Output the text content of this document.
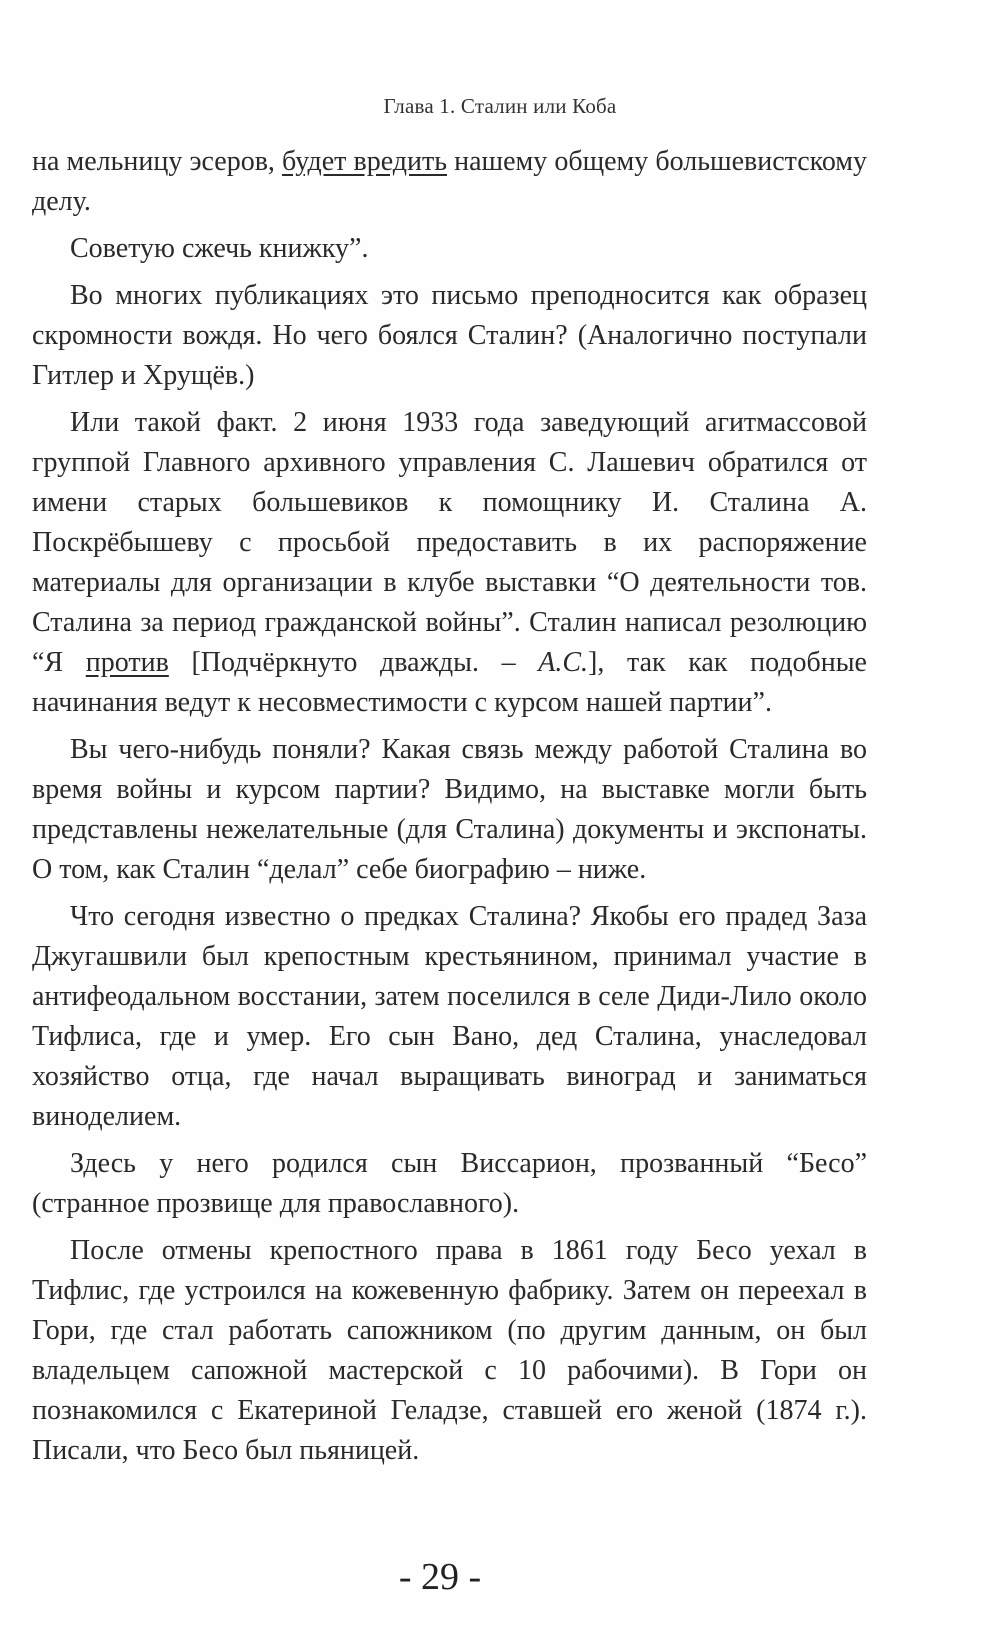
Глава 1. Сталин или Коба

на мельницу эсеров, будет вредить нашему общему большевистскому делу.

Советую сжечь книжку”.

Во многих публикациях это письмо преподносится как образец скромности вождя. Но чего боялся Сталин? (Аналогично поступали Гитлер и Хрущёв.)

Или такой факт. 2 июня 1933 года заведующий агитмассовой группой Главного архивного управления С. Лашевич обратился от имени старых большевиков к помощнику И. Сталина А. Поскрёбышеву с просьбой предоставить в их распоряжение материалы для организации в клубе выставки “О деятельности тов. Сталина за период гражданской войны”. Сталин написал резолюцию “Я против [Подчёркнуто дважды. – А.С.], так как подобные начинания ведут к несовместимости с курсом нашей партии”.

Вы чего-нибудь поняли? Какая связь между работой Сталина во время войны и курсом партии? Видимо, на выставке могли быть представлены нежелательные (для Сталина) документы и экспонаты. О том, как Сталин “делал” себе биографию – ниже.

Что сегодня известно о предках Сталина? Якобы его прадед Заза Джугашвили был крепостным крестьянином, принимал участие в антифеодальном восстании, затем поселился в селе Диди-Лило около Тифлиса, где и умер. Его сын Вано, дед Сталина, унаследовал хозяйство отца, где начал выращивать виноград и заниматься виноделием.

Здесь у него родился сын Виссарион, прозванный “Бесо” (странное прозвище для православного).

После отмены крепостного права в 1861 году Бесо уехал в Тифлис, где устроился на кожевенную фабрику. Затем он переехал в Гори, где стал работать сапожником (по другим данным, он был владельцем сапожной мастерской с 10 рабочими). В Гори он познакомился с Екатериной Геладзе, ставшей его женой (1874 г.). Писали, что Бесо был пьяницей.

- 29 -
